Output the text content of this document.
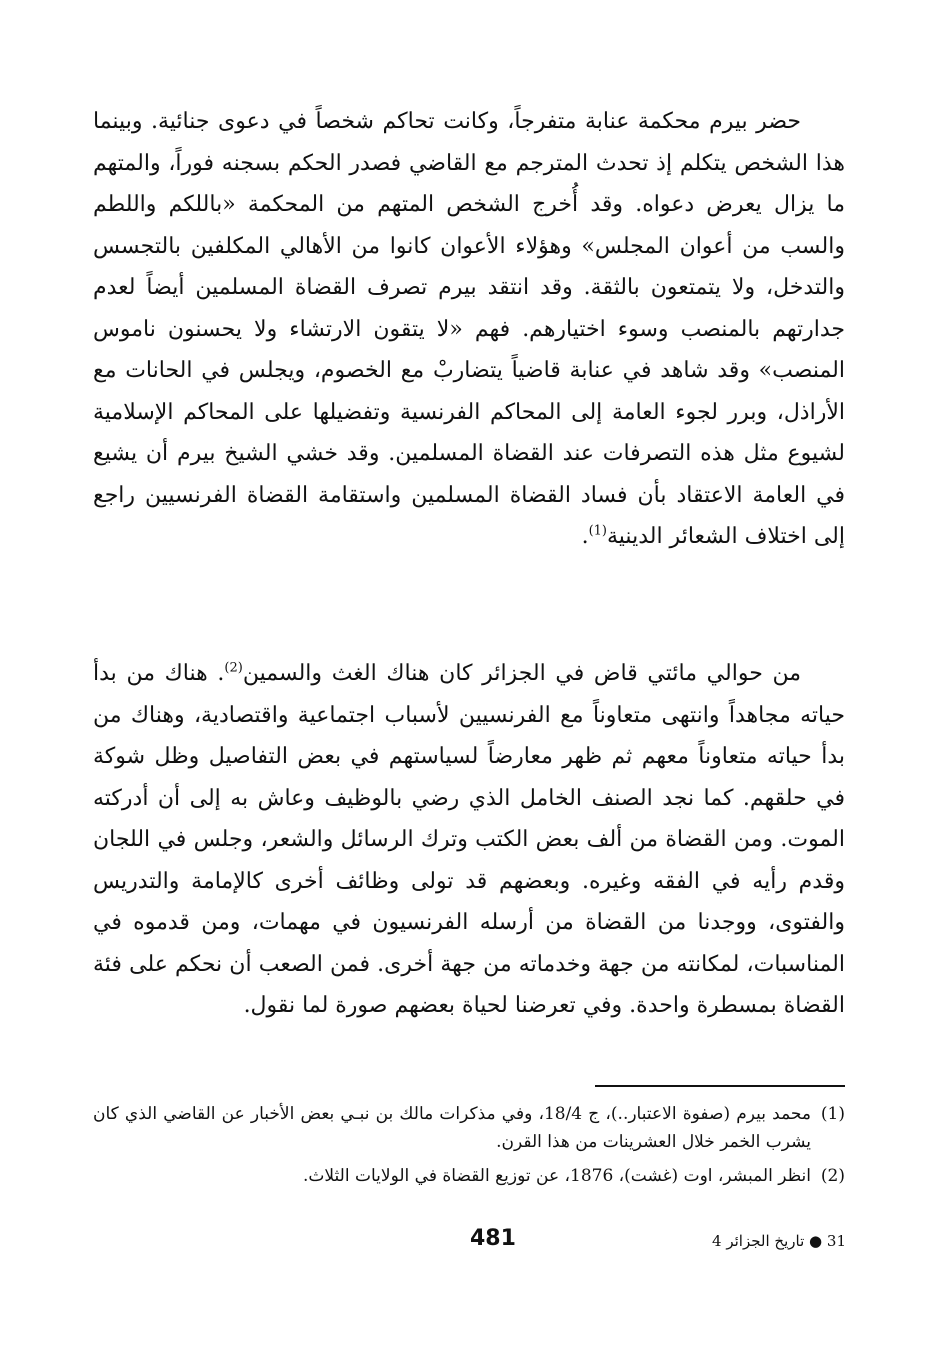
حضر بيرم محكمة عنابة متفرجاً، وكانت تحاكم شخصاً في دعوى جنائية. وبينما هذا الشخص يتكلم إذ تحدث المترجم مع القاضي فصدر الحكم بسجنه فوراً، والمتهم ما يزال يعرض دعواه. وقد أُخرج الشخص المتهم من المحكمة «باللكم واللطم والسب من أعوان المجلس» وهؤلاء الأعوان كانوا من الأهالي المكلفين بالتجسس والتدخل، ولا يتمتعون بالثقة. وقد انتقد بيرم تصرف القضاة المسلمين أيضاً لعدم جدارتهم بالمنصب وسوء اختيارهم. فهم «لا يتقون الارتشاء ولا يحسنون ناموس المنصب» وقد شاهد في عنابة قاضياً يتضاربْ مع الخصوم، ويجلس في الحانات مع الأراذل، وبرر لجوء العامة إلى المحاكم الفرنسية وتفضيلها على المحاكم الإسلامية لشيوع مثل هذه التصرفات عند القضاة المسلمين. وقد خشي الشيخ بيرم أن يشيع في العامة الاعتقاد بأن فساد القضاة المسلمين واستقامة القضاة الفرنسيين راجع إلى اختلاف الشعائر الدينية$^{(1)}$.

من حوالي مائتي قاض في الجزائر كان هناك الغث والسمين$^{(2)}$. هناك من بدأ حياته مجاهداً وانتهى متعاوناً مع الفرنسيين لأسباب اجتماعية واقتصادية، وهناك من بدأ حياته متعاوناً معهم ثم ظهر معارضاً لسياستهم في بعض التفاصيل وظل شوكة في حلقهم. كما نجد الصنف الخامل الذي رضي بالوظيف وعاش به إلى أن أدركته الموت. ومن القضاة من ألف بعض الكتب وترك الرسائل والشعر، وجلس في اللجان وقدم رأيه في الفقه وغيره. وبعضهم قد تولى وظائف أخرى كالإمامة والتدريس والفتوى، ووجدنا من القضاة من أرسله الفرنسيون في مهمات، ومن قدموه في المناسبات، لمكانته من جهة وخدماته من جهة أخرى. فمن الصعب أن نحكم على فئة القضاة بمسطرة واحدة. وفي تعرضنا لحياة بعضهم صورة لما نقول.

(1)
محمد بيرم (صفوة الاعتبار..)، ج 18/4، وفي مذكرات مالك بن نبـي بعض الأخبار عن القاضي الذي كان يشرب الخمر خلال العشرينات من هذا القرن.
(2)
انظر المبشر، اوت (غشت)، 1876، عن توزيع القضاة في الولايات الثلاث.
481	31 ● تاريخ الجزائر 4
